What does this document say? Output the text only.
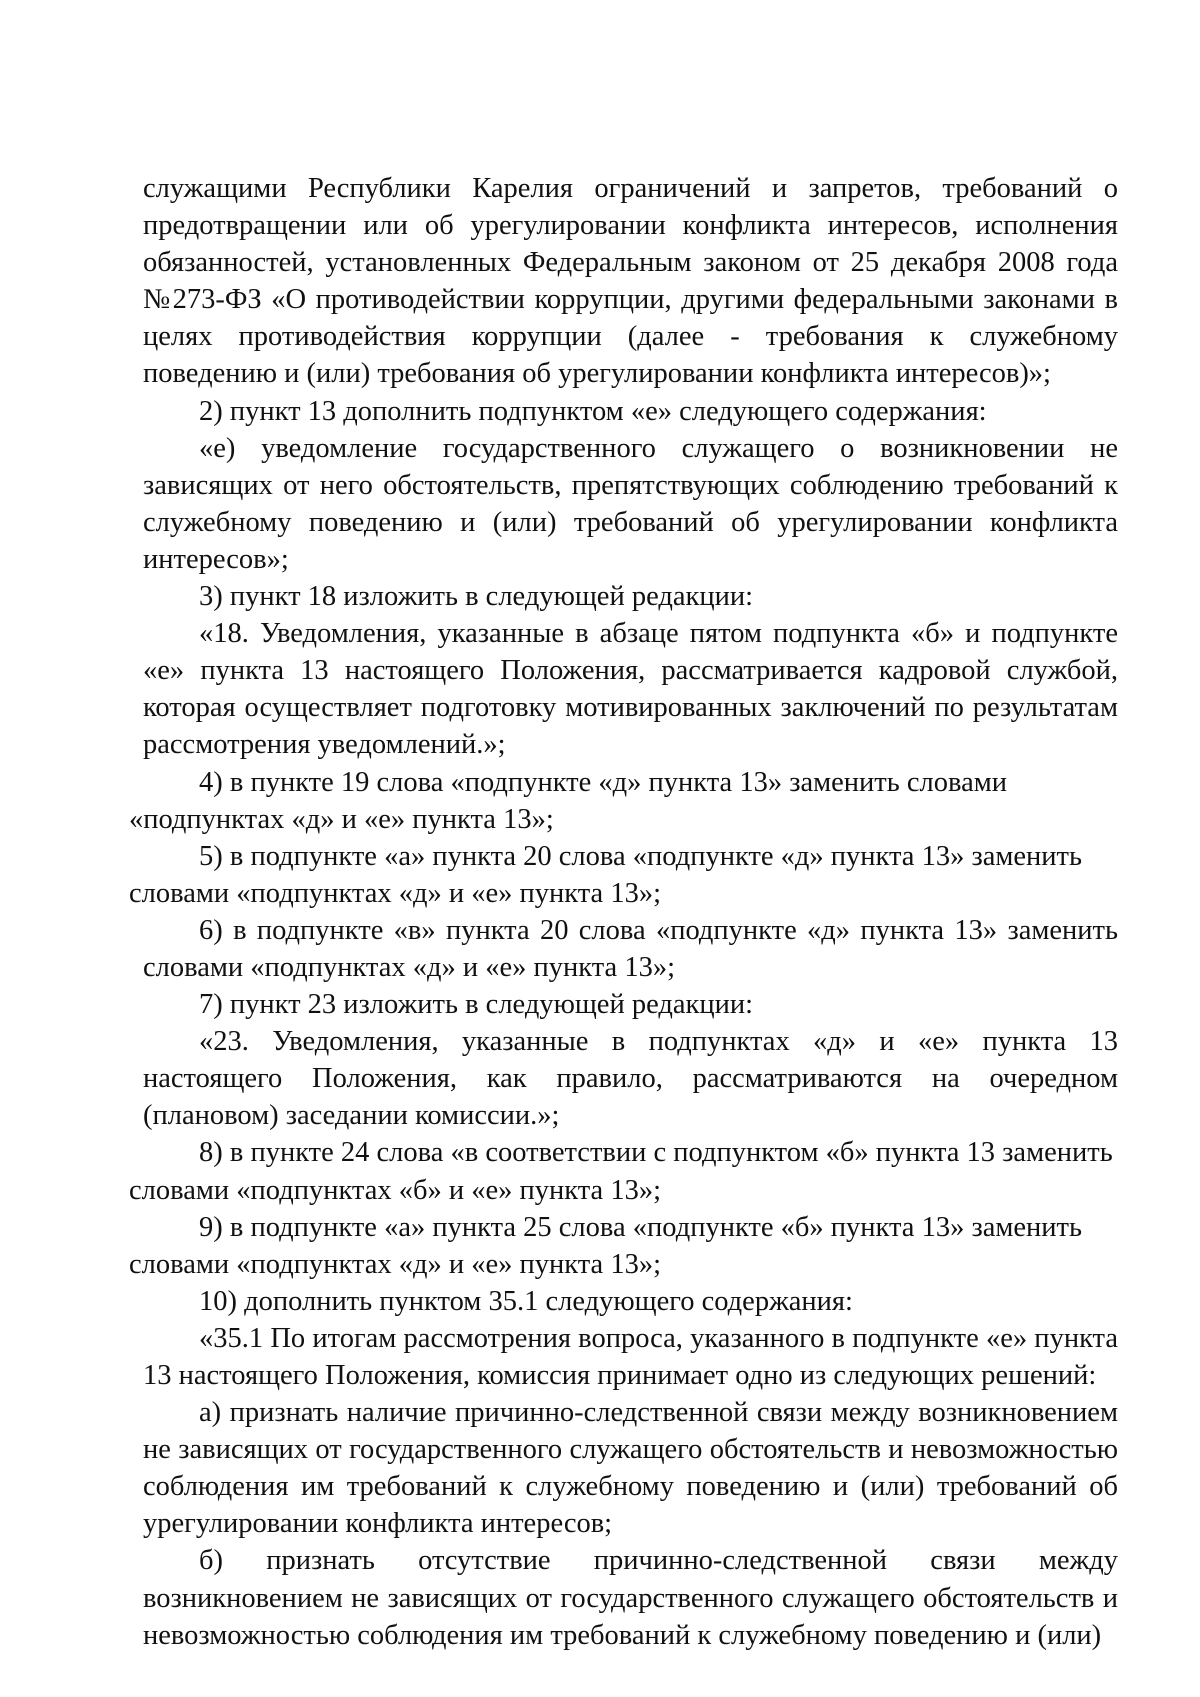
служащими Республики Карелия ограничений и запретов, требований о предотвращении или об урегулировании конфликта интересов, исполнения обязанностей, установленных Федеральным законом от 25 декабря 2008 года №273-ФЗ «О противодействии коррупции, другими федеральными законами в целях противодействия коррупции (далее - требования к служебному поведению и (или) требования об урегулировании конфликта интересов)»;

2) пункт 13 дополнить подпунктом «е» следующего содержания:

«е) уведомление государственного служащего о возникновении не зависящих от него обстоятельств, препятствующих соблюдению требований к служебному поведению и (или) требований об урегулировании конфликта интересов»;

3) пункт 18 изложить в следующей редакции:

«18. Уведомления, указанные в абзаце пятом подпункта «б» и подпункте «е» пункта 13 настоящего Положения, рассматривается кадровой службой, которая осуществляет подготовку мотивированных заключений по результатам рассмотрения уведомлений.»;

4) в пункте 19 слова «подпункте «д» пункта 13» заменить словами

«подпунктах «д» и «е» пункта 13»;

5) в подпункте «а» пункта 20 слова «подпункте «д» пункта 13» заменить

словами «подпунктах «д» и «е» пункта 13»;

6) в подпункте «в» пункта 20 слова «подпункте «д» пункта 13» заменить словами «подпунктах «д» и «е» пункта 13»;

7) пункт 23 изложить в следующей редакции:

«23. Уведомления, указанные в подпунктах «д» и «е» пункта 13 настоящего Положения, как правило, рассматриваются на очередном (плановом) заседании комиссии.»;

8) в пункте 24 слова «в соответствии с подпунктом «б» пункта 13 заменить

словами «подпунктах «б» и «е» пункта 13»;

9) в подпункте «а» пункта 25 слова «подпункте «б» пункта 13» заменить

словами «подпунктах «д» и «е» пункта 13»;

10) дополнить пунктом 35.1 следующего содержания:

«35.1 По итогам рассмотрения вопроса, указанного в подпункте «е» пункта 13 настоящего Положения, комиссия принимает одно из следующих решений:

а) признать наличие причинно-следственной связи между возникновением не зависящих от государственного служащего обстоятельств и невозможностью соблюдения им требований к служебному поведению и (или) требований об урегулировании конфликта интересов;

б) признать отсутствие причинно-следственной связи между возникновением не зависящих от государственного служащего обстоятельств и невозможностью соблюдения им требований к служебному поведению и (или)
